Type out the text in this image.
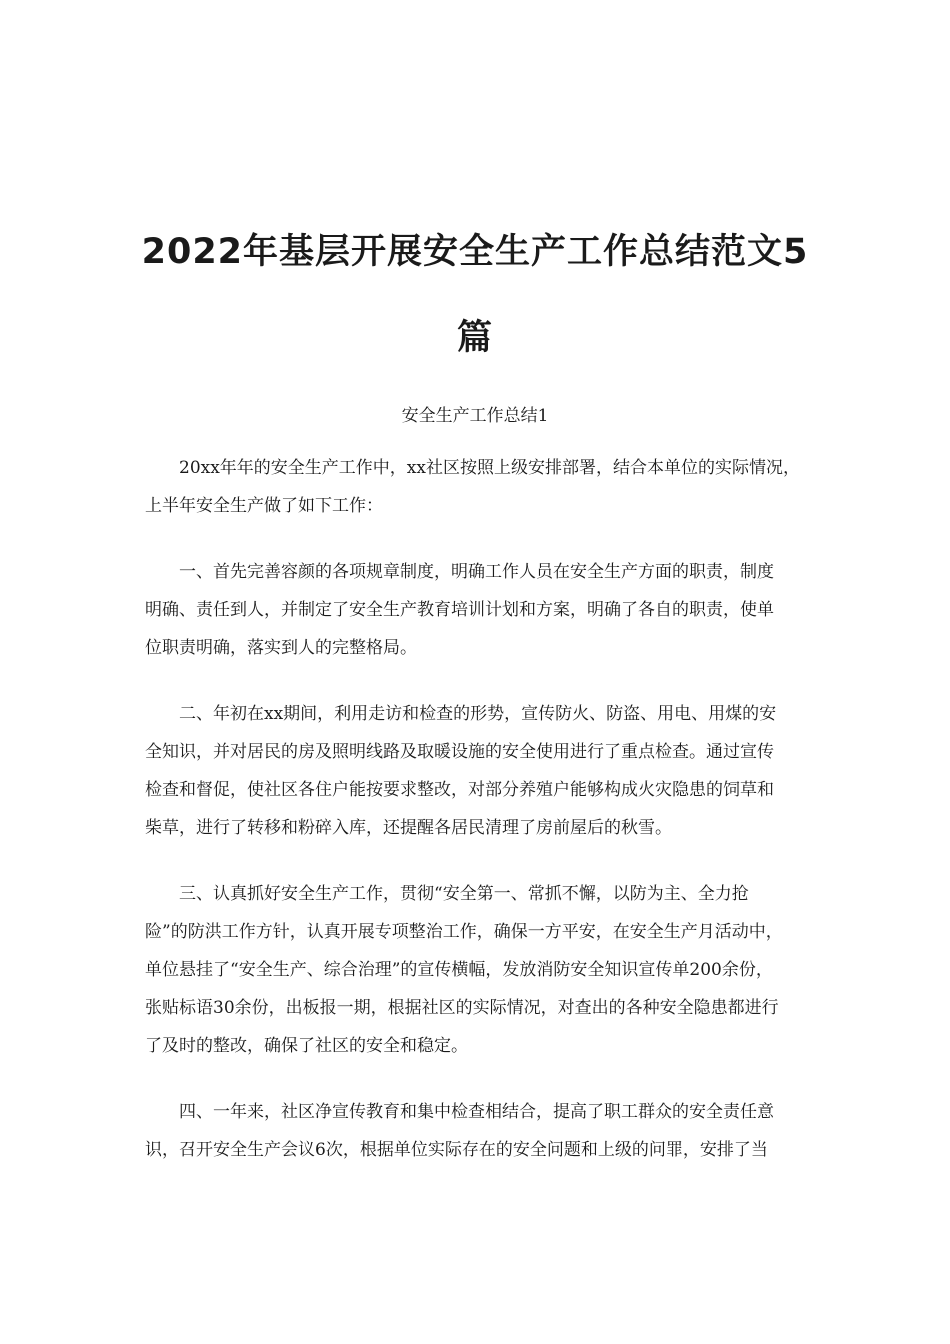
2022年基层开展安全生产工作总结范文5
篇
安全生产工作总结1

20xx年年的安全生产工作中，xx社区按照上级安排部署，结合本单位的实际情况，
上半年安全生产做了如下工作：

一、首先完善容颜的各项规章制度，明确工作人员在安全生产方面的职责，制度
明确、责任到人，并制定了安全生产教育培训计划和方案，明确了各自的职责，使单
位职责明确，落实到人的完整格局。

二、年初在xx期间，利用走访和检查的形势，宣传防火、防盗、用电、用煤的安
全知识，并对居民的房及照明线路及取暖设施的安全使用进行了重点检查。通过宣传
检查和督促，使社区各住户能按要求整改，对部分养殖户能够构成火灾隐患的饲草和
柴草，进行了转移和粉碎入库，还提醒各居民清理了房前屋后的秋雪。

三、认真抓好安全生产工作，贯彻“安全第一、常抓不懈，以防为主、全力抢
险”的防洪工作方针，认真开展专项整治工作，确保一方平安，在安全生产月活动中，
单位悬挂了“安全生产、综合治理”的宣传横幅，发放消防安全知识宣传单200余份，
张贴标语30余份，出板报一期，根据社区的实际情况，对查出的各种安全隐患都进行
了及时的整改，确保了社区的安全和稳定。

四、一年来，社区净宣传教育和集中检查相结合，提高了职工群众的安全责任意
识，召开安全生产会议6次，根据单位实际存在的安全问题和上级的问罪，安排了当
